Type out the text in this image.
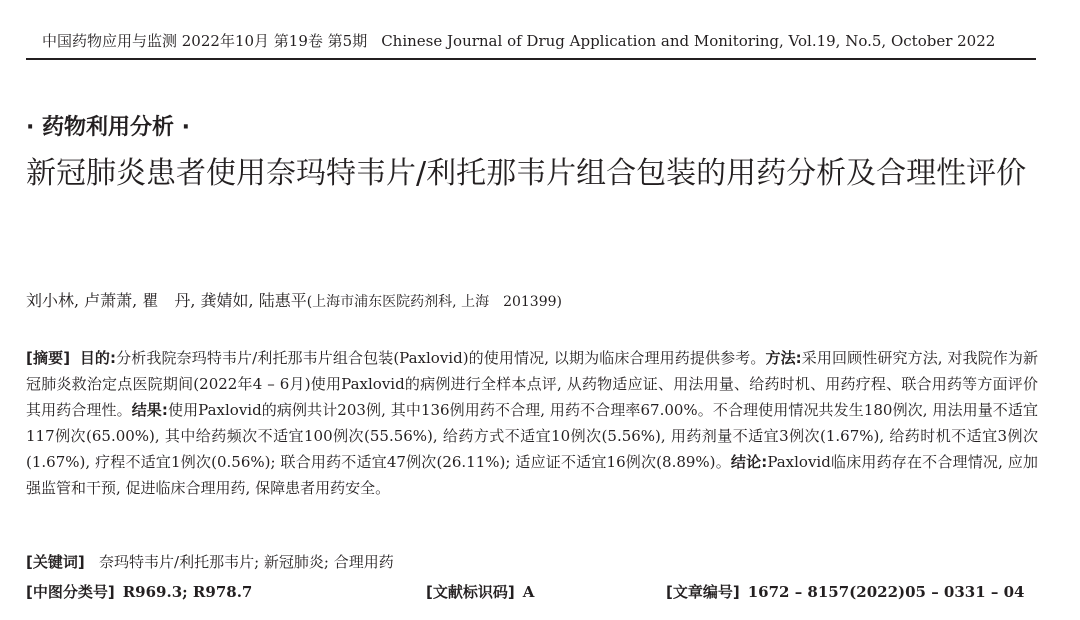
中国药物应用与监测 2022年10月 第19卷 第5期 Chinese Journal of Drug Application and Monitoring, Vol.19, No.5, October 2022
· 药物利用分析 ·
新冠肺炎患者使用奈玛特韦片/利托那韦片组合包装的用药分析及合理性评价
刘小林, 卢萧萧, 瞿　丹, 龚婧如, 陆惠平(上海市浦东医院药剂科, 上海　201399)
[摘要] 目的:分析我院奈玛特韦片/利托那韦片组合包装(Paxlovid)的使用情况, 以期为临床合理用药提供参考。方法:采用回顾性研究方法, 对我院作为新冠肺炎救治定点医院期间(2022年4 – 6月)使用Paxlovid的病例进行全样本点评, 从药物适应证、用法用量、给药时机、用药疗程、联合用药等方面评价其用药合理性。结果:使用Paxlovid的病例共计203例, 其中136例用药不合理, 用药不合理率67.00%。不合理使用情况共发生180例次, 用法用量不适宜117例次(65.00%), 其中给药频次不适宜100例次(55.56%), 给药方式不适宜10例次(5.56%), 用药剂量不适宜3例次(1.67%), 给药时机不适宜3例次(1.67%), 疗程不适宜1例次(0.56%); 联合用药不适宜47例次(26.11%); 适应证不适宜16例次(8.89%)。结论:Paxlovid临床用药存在不合理情况, 应加强监管和干预, 促进临床合理用药, 保障患者用药安全。
[关键词] 奈玛特韦片/利托那韦片; 新冠肺炎; 合理用药
[中图分类号] R969.3; R978.7	[文献标识码] A	[文章编号] 1672 – 8157(2022)05 – 0331 – 04
